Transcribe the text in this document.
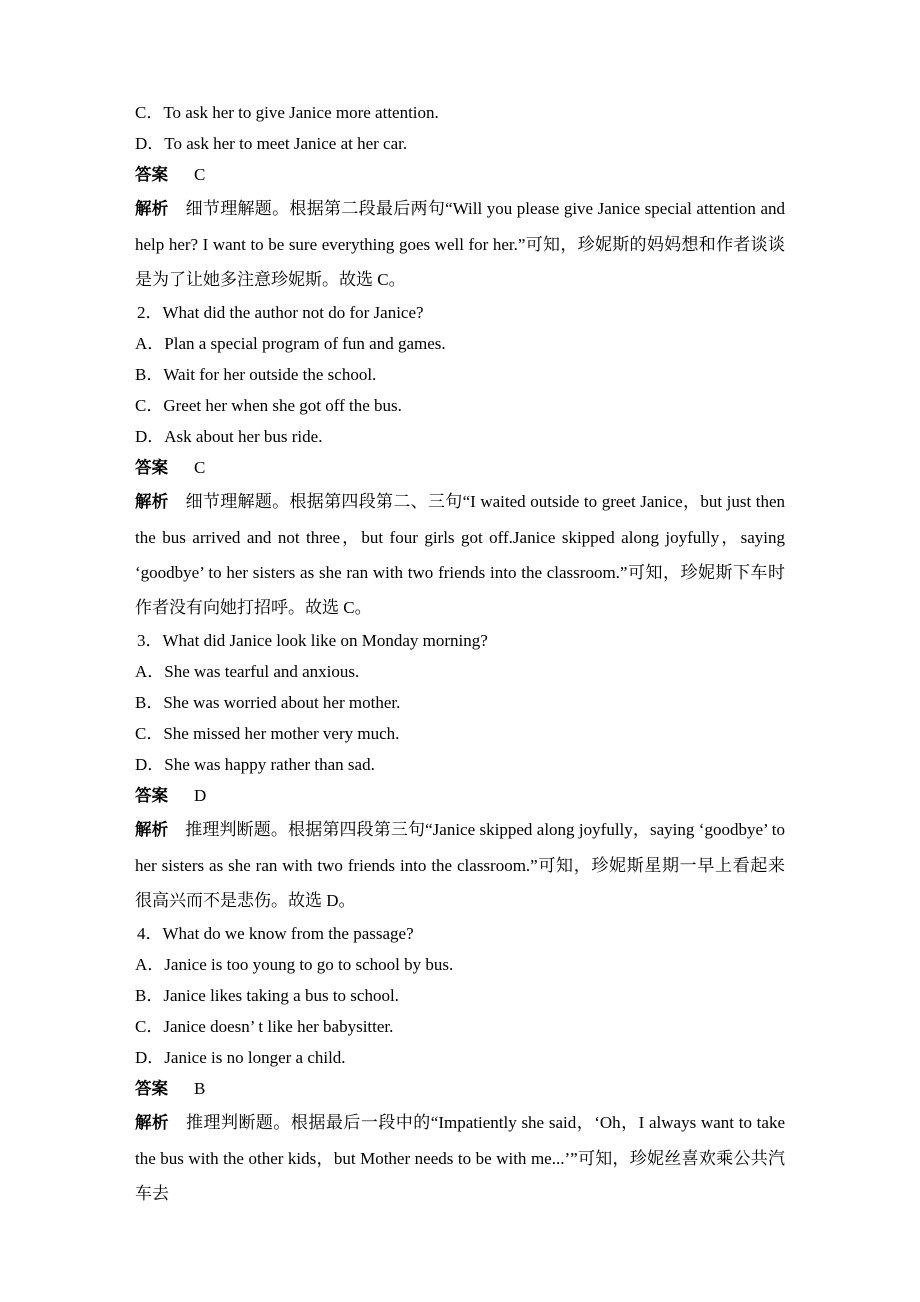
C．To ask her to give Janice more attention.

D．To ask her to meet Janice at her car.

答案 C

解析 细节理解题。根据第二段最后两句“Will you please give Janice special attention and help her? I want to be sure everything goes well for her.”可知，珍妮斯的妈妈想和作者谈谈是为了让她多注意珍妮斯。故选 C。

2．What did the author not do for Janice?

A．Plan a special program of fun and games.

B．Wait for her outside the school.

C．Greet her when she got off the bus.

D．Ask about her bus ride.

答案 C

解析 细节理解题。根据第四段第二、三句“I waited outside to greet Janice，but just then the bus arrived and not three，but four girls got off.Janice skipped along joyfully，saying ‘goodbye’ to her sisters as she ran with two friends into the classroom.”可知，珍妮斯下车时作者没有向她打招呼。故选 C。

3．What did Janice look like on Monday morning?

A．She was tearful and anxious.

B．She was worried about her mother.

C．She missed her mother very much.

D．She was happy rather than sad.

答案 D

解析 推理判断题。根据第四段第三句“Janice skipped along joyfully，saying ‘goodbye’ to her sisters as she ran with two friends into the classroom.”可知，珍妮斯星期一早上看起来很高兴而不是悲伤。故选 D。

4．What do we know from the passage?

A．Janice is too young to go to school by bus.

B．Janice likes taking a bus to school.

C．Janice doesn’ t like her babysitter.

D．Janice is no longer a child.

答案 B

解析 推理判断题。根据最后一段中的“Impatiently she said，‘Oh，I always want to take the bus with the other kids，but Mother needs to be with me...’”可知，珍妮丝喜欢乘公共汽车去
